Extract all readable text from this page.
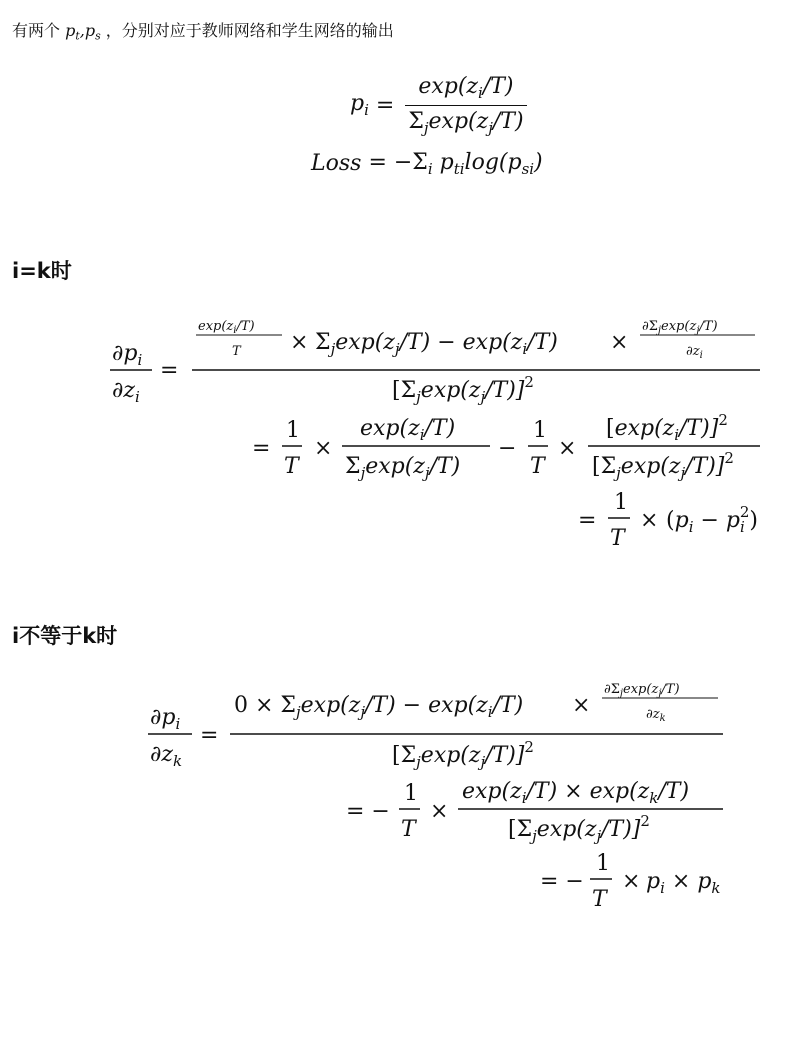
有两个 $p_t,p_s$ ，分别对应于教师网络和学生网络的输出
$p_i = \frac{\exp(z_i/T)}{\Sigma_j\exp(z_j/T)}$
Loss = $-\Sigma_i$ $p_{ti}\log(p_{si})$
i=k时
$\partial p_i$
$\partial z_i$
=
$\exp(z_i/T)$
$T \times \Sigma_j\exp(z_j/T) - \exp(z_i/T)$ ×
$\partial\Sigma_j\exp(z_j/T)$
$\partial z_i$
$[\Sigma_j\exp(z_j/T)]^2$
=
1
T
×
$\exp(z_i/T)$
$\Sigma_j\exp(z_j/T)$
−
1
T
×
$[\exp(z_i/T)]^2$
$[\Sigma_j\exp(z_j/T)]^2$
=
1
T
× $(p_i - p_i2)$
i不等于k时
$\partial p_i$
$\partial z_k$
=
$0 \times \Sigma_j\exp(z_j/T) - \exp(z_i/T)$ ×
$\partial\Sigma_j\exp(z_j/T)$
$\partial z_k$
$[\Sigma_j\exp(z_j/T)]^2$
= −
1
T
×
$\exp(z_i/T) \times \exp(z_k/T)$
$[\Sigma_j\exp(z_j/T)]^2$
= −
1
T
× $p_i \times p_k$
